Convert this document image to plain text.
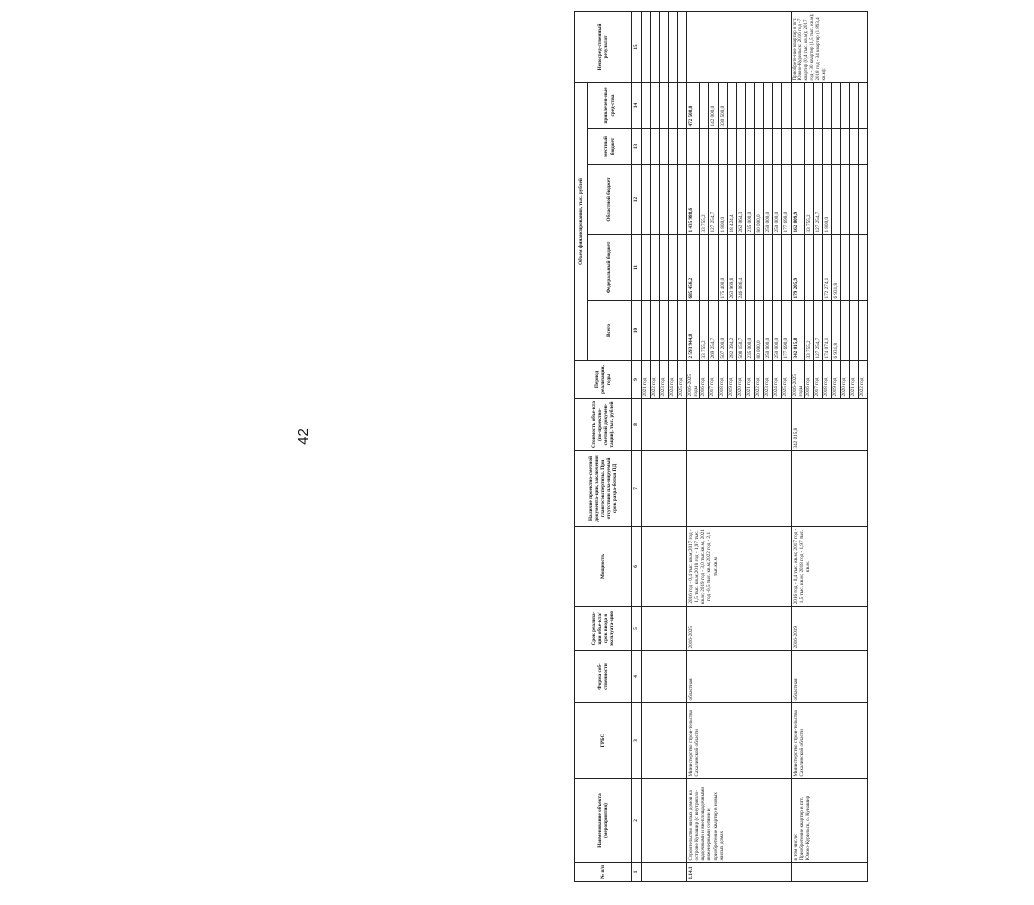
42
№ п/п	Наименование объекта (мероприятия)	ГРБС	Форма соб-ственности	Срок реализа-ции объе-кта/срок ввода в эксплуата-цию	Мощность	Наличие проектно-сметной документа-ции, заключения главгосэкспертизы. При отсутствии пла-нируемый срок разра-ботки ПД	Стоимость объе-кта (по-проектно-сметной докумен-тации), тыс. рублей	Период реализации, годы	Объем финансирования, тыс. рублей					Непосред-ственный результат
									Всего	Федеральный бюджет	Областной бюджет	местный бюджет	привлечен-ные сред-ства	
1	2	3	4	5	6	7	8	9	10	11	12	13	14	15
								2021 год						
								2022 год						
								2023 год						
								2024 год						
								2025 год						
1.14.1	Строительство жилых домов на острове Кунашир (с внутрипло-щадочными и внеплощадочными инженерными сетями и приобретение квартир в новых жилых домах	Министерство строи-тельства Сахалинской области	областная	2016-2025	2016 год - 0,4 тыс. кв.м;2017 год - 1,5 тыс. кв.м;2018 год - 1,97 тыс. кв.м; 2019 год - 3,0 тыс.кв.м, 2021 год -0,5 тыс. кв.м;2022 год - 2,1 тыс.кв.м			2016-2025 годы	2 593 944,8	685 456,2	1 435 988,6		472 500,0	
								2016 год	33 755,2		33 755,2			
								2017 год	269 254,7		127 254,7		142 000,0	
								2018 год	507 200,0	175 400,0	1 800,0		330 500,0	
								2019 год	282 394,2	263 969,8	18 424,4			
								2020 год	508 150,7	246 086,4	262 064,3			
								2021 год	235 000,0		235 000,0			
								2022 год	80 000,0		80 000,0			
								2023 год	250 000,0		250 000,0			
								2024 год	250 000,0		250 000,0			
								2025 год	177 690,0		177 690,0			

	в том числе: Приобретение квартир в пгт. Южно-Курильск, о. Кунашир	Министерство строи-тельства Сахалинской области	областная	2016-2019	2016 год - 0,4 тыс. кв.м; 2017 год - 1,5 тыс. кв.м; 2018 год - 1,97 тыс. кв.м.		342 015,8	2016-2025 годы	342 015,8	179 205,9	162 809,9			Приобрете-ние квартир в пгт. Южно-Курильск: 2016 год -7 квартир (0,4 тыс. кв.м); 2017 год - 30 квартир (1,5 тыс. кв.м); 2018 год - 34 квартир (1 893,4 кв.м);
								2016 год	33 755,2		33 755,2			
								2017 год	127 254,7		127 254,7			
								2018 год	174 074,1	172 274,1	1 800,0			
								2019 год	6 931,8	6 931,8				
								2020 год						
								2021 год						
								2022 год						
